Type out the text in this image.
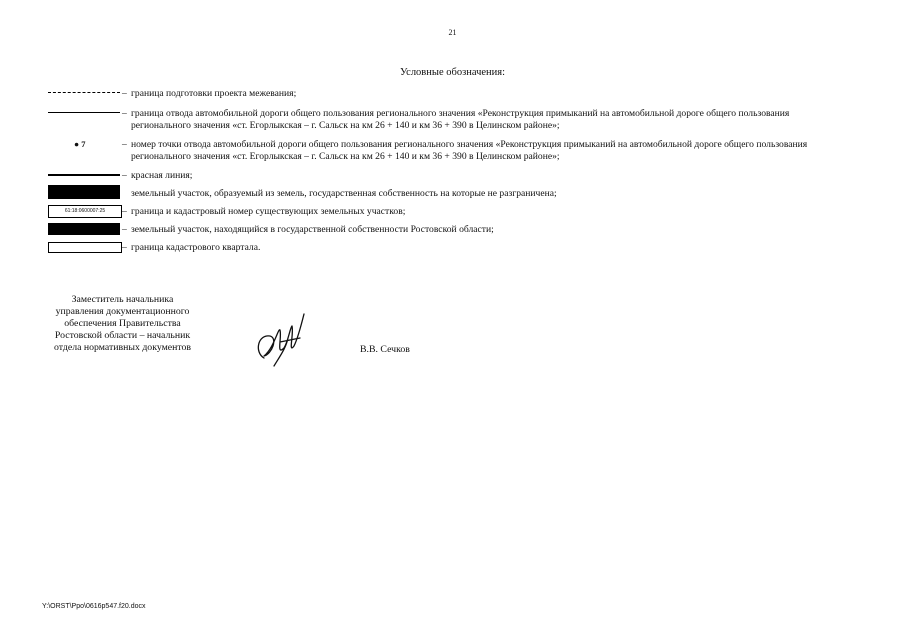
21
Условные обозначения:
– граница подготовки проекта межевания;
– граница отвода автомобильной дороги общего пользования регионального значения «Реконструкция примыканий на автомобильной дороге общего пользования регионального значения «ст. Егорлыкская – г. Сальск на км 26 + 140 и км 36 + 390 в Целинском районе»;
● 7	– номер точки отвода автомобильной дороги общего пользования регионального значения «Реконструкция примыканий на автомобильной дороге общего пользования регионального значения «ст. Егорлыкская – г. Сальск на км 26 + 140 и км 36 + 390 в Целинском районе»;
– красная линия;
земельный участок, образуемый из земель, государственная собственность на которые не разграничена;
61:18:0600007:25	– граница и кадастровый номер существующих земельных участков;
– земельный участок, находящийся в государственной собственности Ростовской области;
– граница кадастрового квартала.
Заместитель начальника
управления документационного
обеспечения Правительства
Ростовской области – начальник
отдела нормативных документов	В.В. Сечков
Y:\ORST\Ppo\0616p547.f20.docx
